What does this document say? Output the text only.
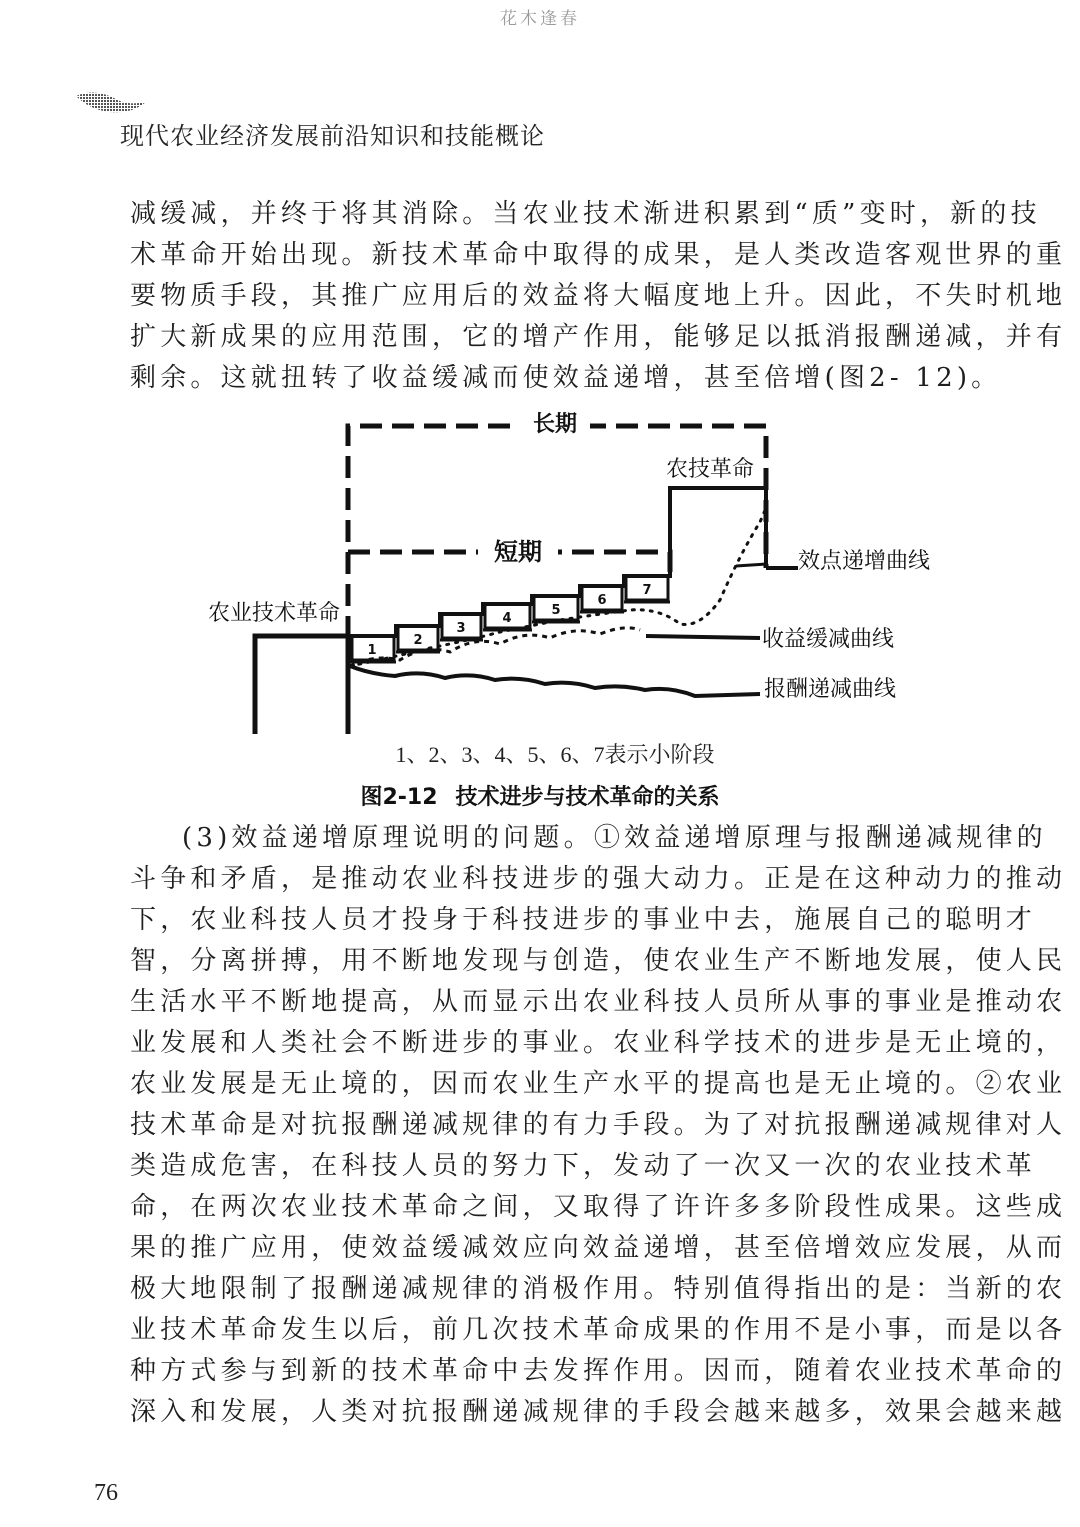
花木逢春
现代农业经济发展前沿知识和技能概论
减缓减，并终于将其消除。当农业技术渐进积累到“质”变时，新的技
术革命开始出现。新技术革命中取得的成果，是人类改造客观世界的重
要物质手段，其推广应用后的效益将大幅度地上升。因此，不失时机地
扩大新成果的应用范围，它的增产作用，能够足以抵消报酬递减，并有
剩余。这就扭转了收益缓减而使效益递增，甚至倍增(图2- 12)。
长期
短期
农业技术革命
1
2
3
4
5
6
7
农技革命
效点递增曲线
收益缓减曲线
报酬递减曲线
1、2、3、4、5、6、7表示小阶段
图2-12 技术进步与技术革命的关系
(3)效益递增原理说明的问题。①效益递增原理与报酬递减规律的
斗争和矛盾，是推动农业科技进步的强大动力。正是在这种动力的推动
下，农业科技人员才投身于科技进步的事业中去，施展自己的聪明才
智，分离拼搏，用不断地发现与创造，使农业生产不断地发展，使人民
生活水平不断地提高，从而显示出农业科技人员所从事的事业是推动农
业发展和人类社会不断进步的事业。农业科学技术的进步是无止境的，
农业发展是无止境的，因而农业生产水平的提高也是无止境的。②农业
技术革命是对抗报酬递减规律的有力手段。为了对抗报酬递减规律对人
类造成危害，在科技人员的努力下，发动了一次又一次的农业技术革
命，在两次农业技术革命之间，又取得了许许多多阶段性成果。这些成
果的推广应用，使效益缓减效应向效益递增，甚至倍增效应发展，从而
极大地限制了报酬递减规律的消极作用。特别值得指出的是：当新的农
业技术革命发生以后，前几次技术革命成果的作用不是小事，而是以各
种方式参与到新的技术革命中去发挥作用。因而，随着农业技术革命的
深入和发展，人类对抗报酬递减规律的手段会越来越多，效果会越来越
76
